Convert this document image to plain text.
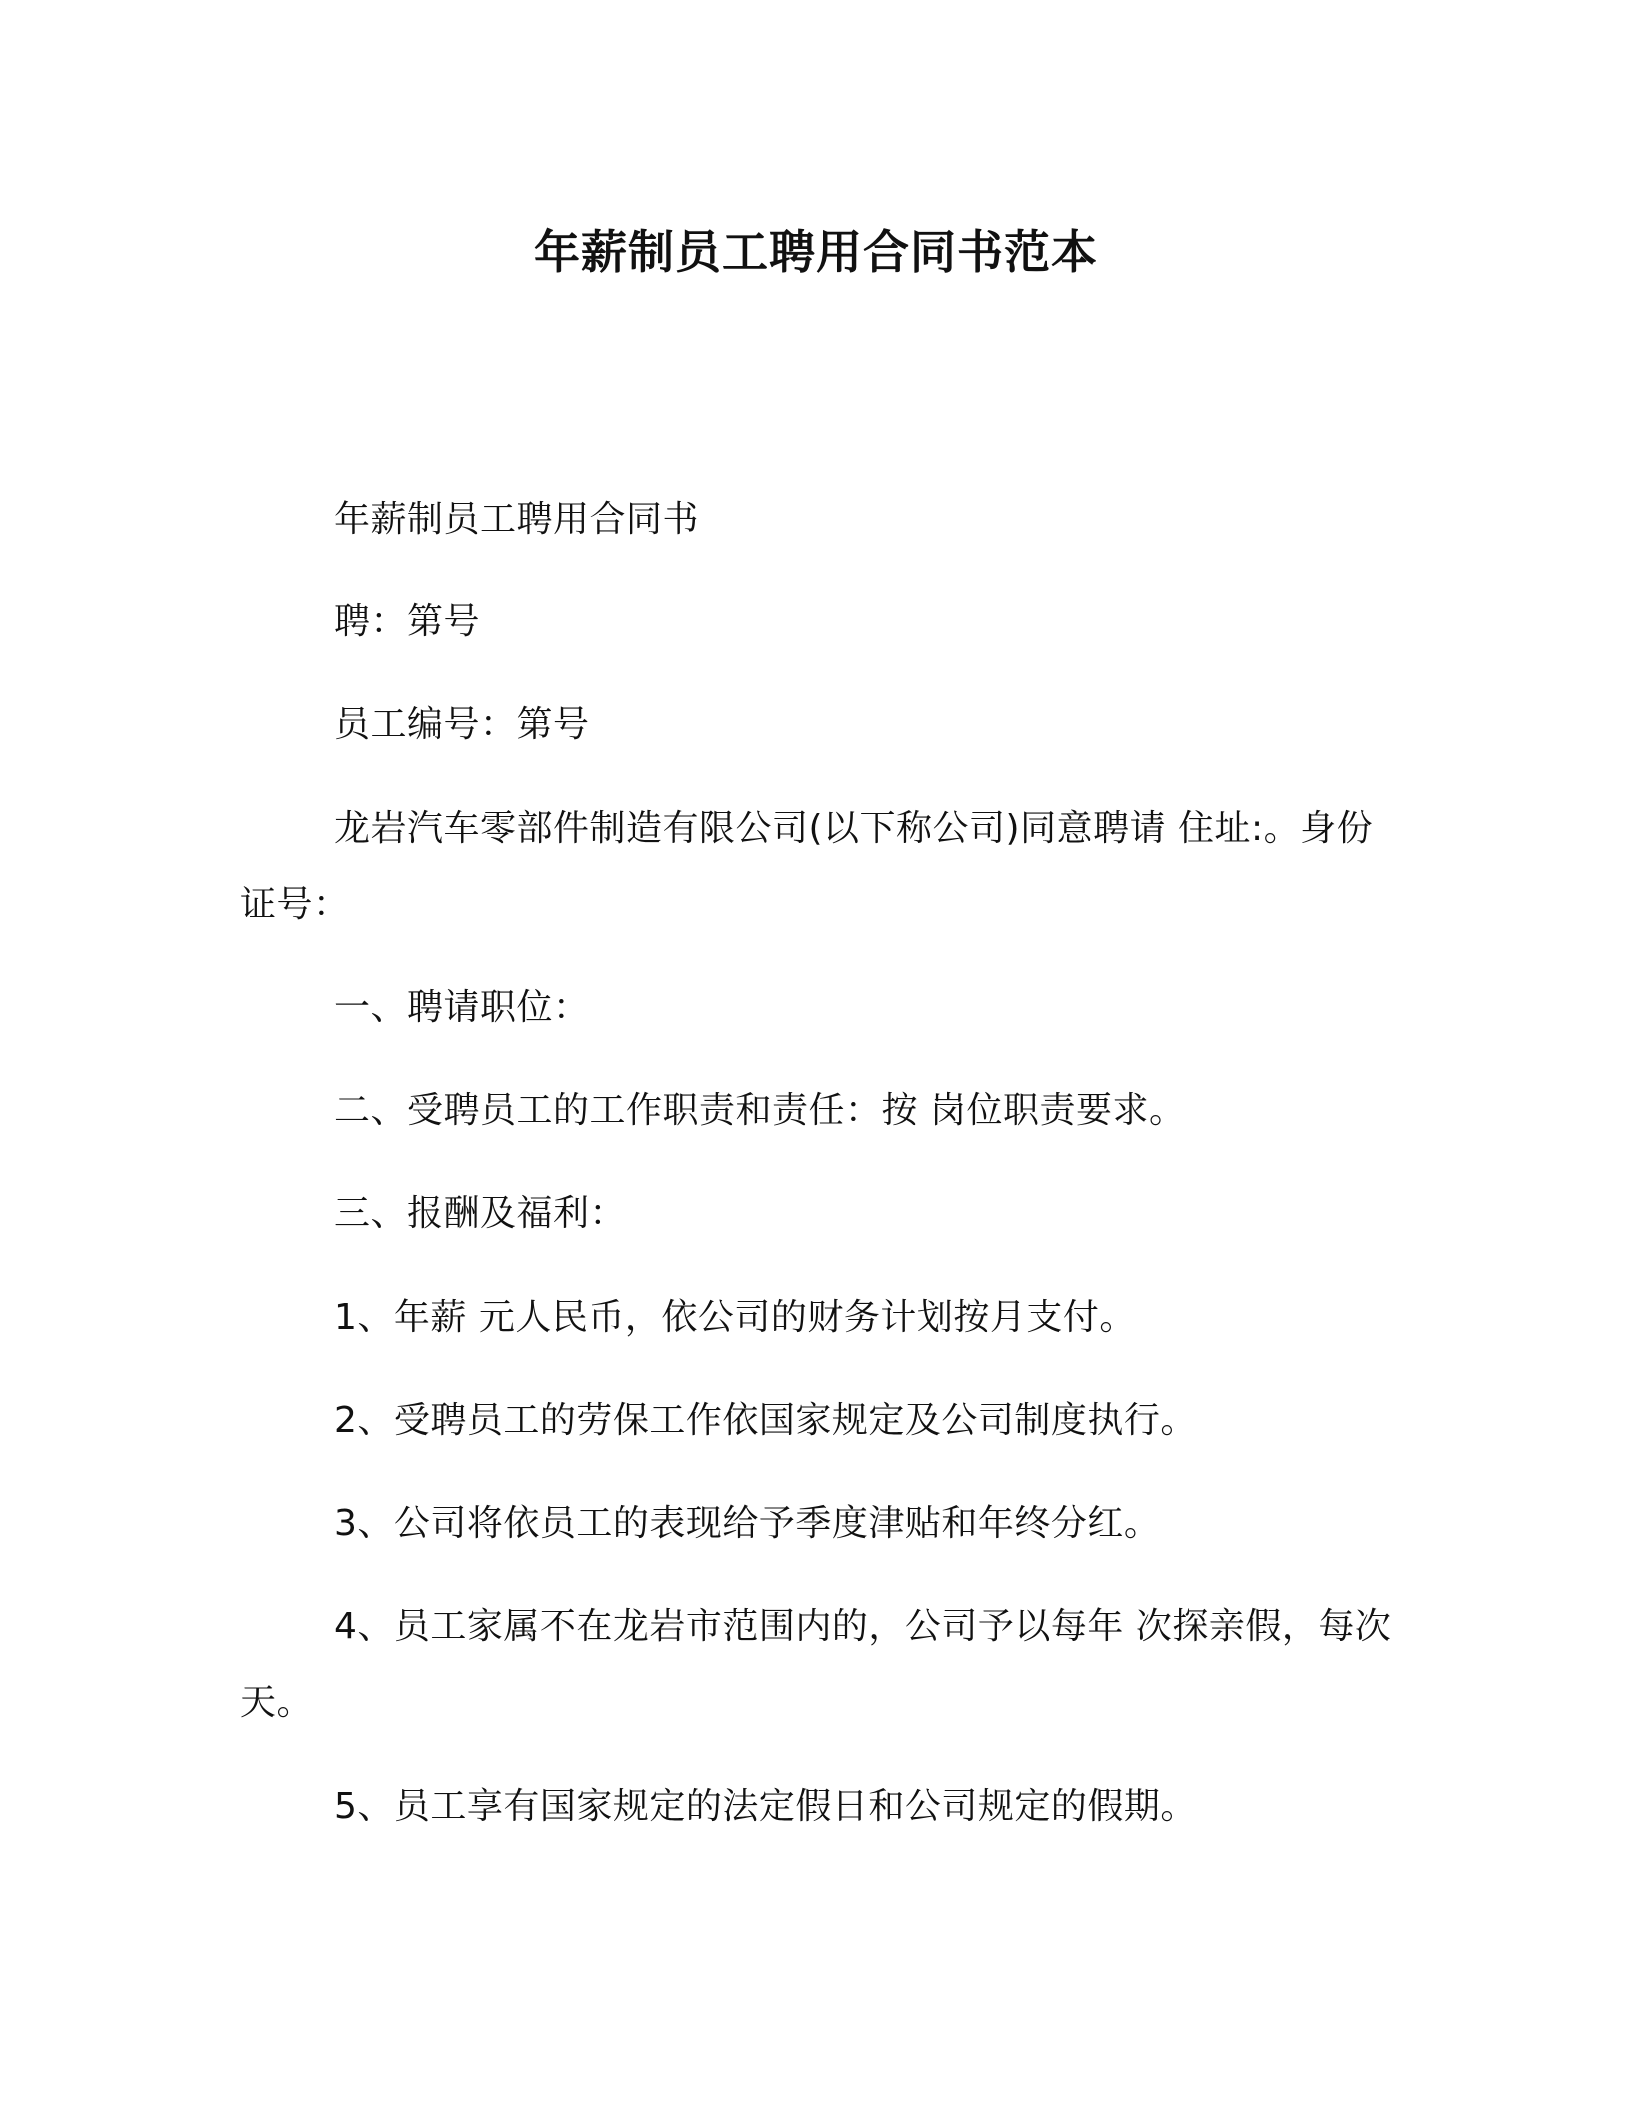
年薪制员工聘用合同书范本

年薪制员工聘用合同书

聘：第号

员工编号：第号

龙岩汽车零部件制造有限公司(以下称公司)同意聘请 住址:。身份证号：

一、聘请职位：

二、受聘员工的工作职责和责任：按 岗位职责要求。

三、报酬及福利：

1、年薪 元人民币，依公司的财务计划按月支付。

2、受聘员工的劳保工作依国家规定及公司制度执行。

3、公司将依员工的表现给予季度津贴和年终分红。

4、员工家属不在龙岩市范围内的，公司予以每年 次探亲假，每次天。

5、员工享有国家规定的法定假日和公司规定的假期。
